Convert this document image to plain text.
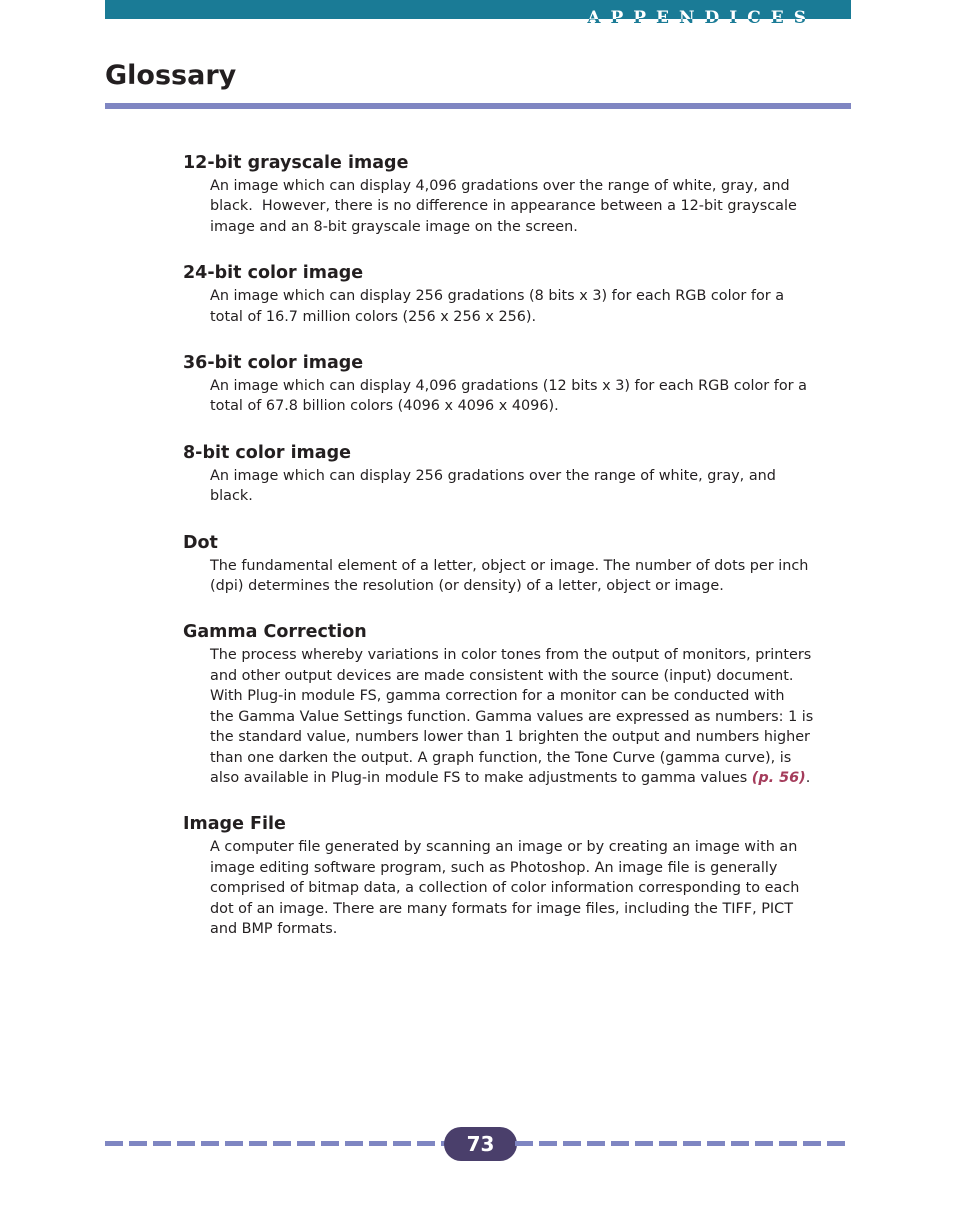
APPENDICES
Glossary
12-bit grayscale image
An image which can display 4,096 gradations over the range of white, gray, and
black.  However, there is no difference in appearance between a 12-bit grayscale
image and an 8-bit grayscale image on the screen.
24-bit color image
An image which can display 256 gradations (8 bits x 3) for each RGB color for a
total of 16.7 million colors (256 x 256 x 256).
36-bit color image
An image which can display 4,096 gradations (12 bits x 3) for each RGB color for a
total of 67.8 billion colors (4096 x 4096 x 4096).
8-bit color image
An image which can display 256 gradations over the range of white, gray, and
black.
Dot
The fundamental element of a letter, object or image. The number of dots per inch
(dpi) determines the resolution (or density) of a letter, object or image.
Gamma Correction
The process whereby variations in color tones from the output of monitors, printers
and other output devices are made consistent with the source (input) document.
With Plug-in module FS, gamma correction for a monitor can be conducted with
the Gamma Value Settings function. Gamma values are expressed as numbers: 1 is
the standard value, numbers lower than 1 brighten the output and numbers higher
than one darken the output. A graph function, the Tone Curve (gamma curve), is
also available in Plug-in module FS to make adjustments to gamma values (p. 56).
Image File
A computer file generated by scanning an image or by creating an image with an
image editing software program, such as Photoshop. An image file is generally
comprised of bitmap data, a collection of color information corresponding to each
dot of an image. There are many formats for image files, including the TIFF, PICT
and BMP formats.
73
